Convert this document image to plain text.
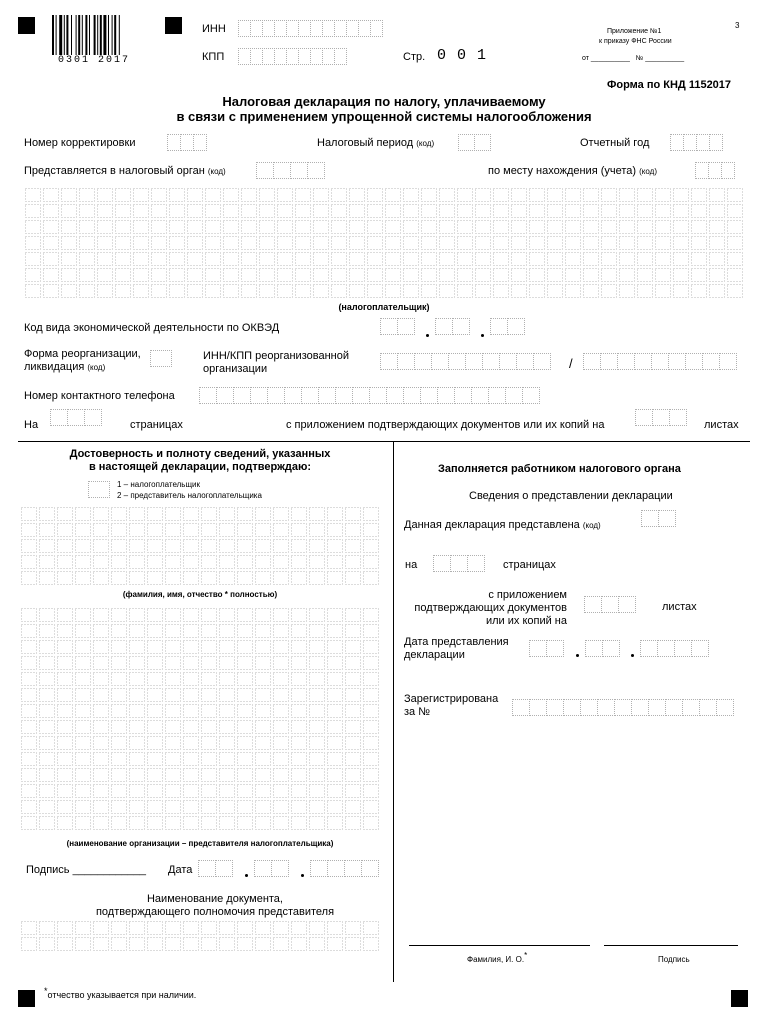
0301 2017
ИНН
КПП	Стр. 0 0 1
3
Приложение №1
к приказу ФНС России
от __________ № __________
Форма по КНД 1152017
Налоговая декларация по налогу, уплачиваемому
в связи с применением упрощенной системы налогообложения
Номер корректировки	Налоговый период (код)	Отчетный год
Представляется в налоговый орган (код)	по месту нахождения (учета) (код)
(налогоплательщик)
Код вида экономической деятельности по ОКВЭД
Форма реорганизации,
ликвидация (код)
ИНН/КПП реорганизованной
организации	/
Номер контактного телефона
На	страницах	с приложением подтверждающих документов или их копий на	листах
Достоверность и полноту сведений, указанных
в настоящей декларации, подтверждаю:
1 – налогоплательщик
2 – представитель налогоплательщика
(фамилия, имя, отчество * полностью)
(наименование организации – представителя налогоплательщика)
Подпись ____________ Дата
Наименование документа,
подтверждающего полномочия представителя
*отчество указывается при наличии.
Заполняется работником налогового органа
Сведения о представлении декларации
Данная декларация представлена (код)
на	страницах
с приложением
подтверждающих документов
или их копий на
листах
Дата представления
декларации
Зарегистрирована
за №
Фамилия, И. О.*	Подпись
